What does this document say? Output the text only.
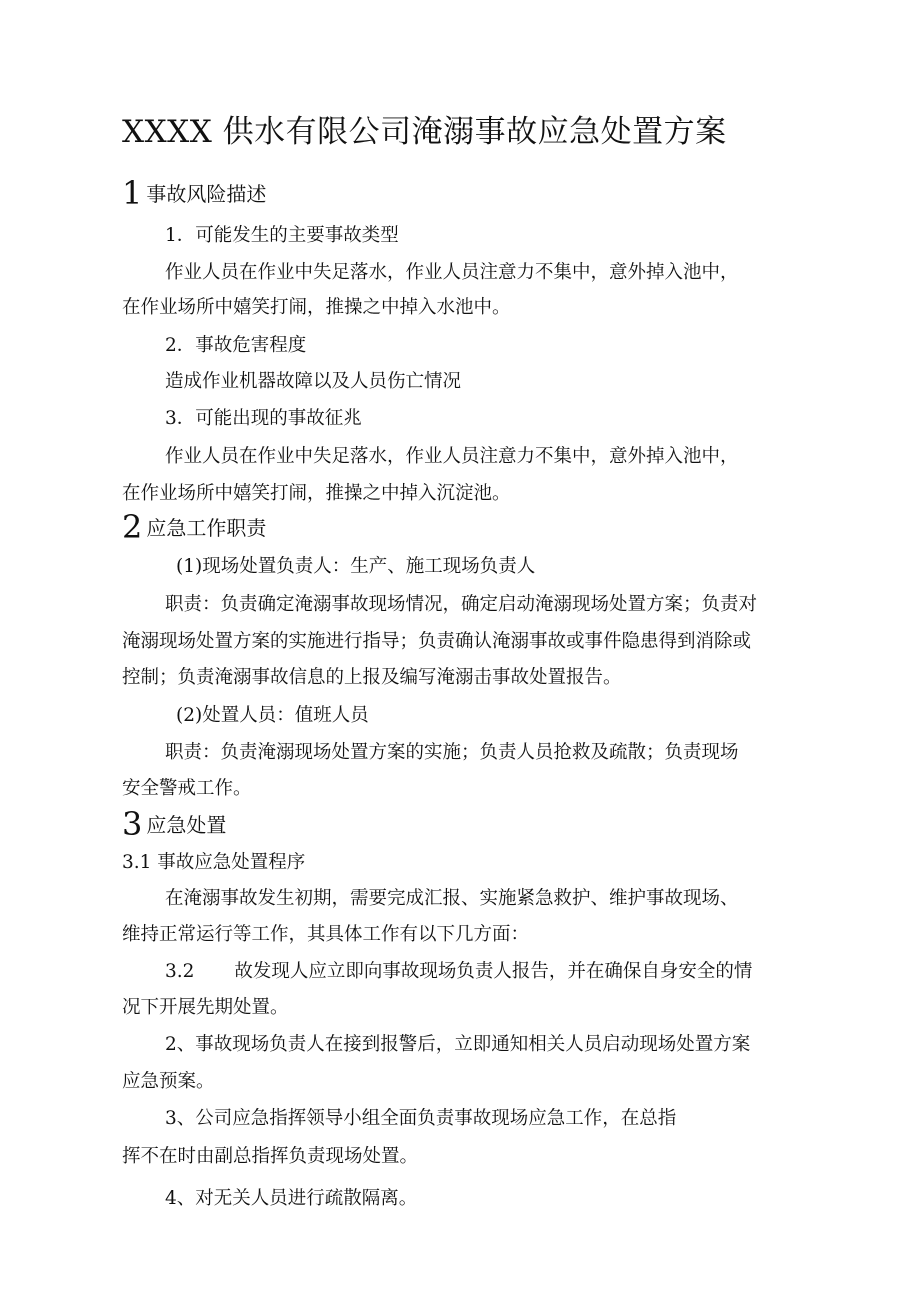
XXXX 供水有限公司淹溺事故应急处置方案
1 事故风险描述
1．可能发生的主要事故类型
作业人员在作业中失足落水，作业人员注意力不集中，意外掉入池中，
在作业场所中嬉笑打闹，推操之中掉入水池中。
2．事故危害程度
造成作业机器故障以及人员伤亡情况
3．可能出现的事故征兆
作业人员在作业中失足落水，作业人员注意力不集中，意外掉入池中，
在作业场所中嬉笑打闹，推操之中掉入沉淀池。
2 应急工作职责
(1)现场处置负责人：生产、施工现场负责人
职责：负责确定淹溺事故现场情况，确定启动淹溺现场处置方案；负责对
淹溺现场处置方案的实施进行指导；负责确认淹溺事故或事件隐患得到消除或
控制；负责淹溺事故信息的上报及编写淹溺击事故处置报告。
(2)处置人员：值班人员
职责：负责淹溺现场处置方案的实施；负责人员抢救及疏散；负责现场
安全警戒工作。
3 应急处置
3.1 事故应急处置程序
在淹溺事故发生初期，需要完成汇报、实施紧急救护、维护事故现场、
维持正常运行等工作，其具体工作有以下几方面：
3.2 故发现人应立即向事故现场负责人报告，并在确保自身安全的情
况下开展先期处置。
2、事故现场负责人在接到报警后，立即通知相关人员启动现场处置方案
应急预案。
3、公司应急指挥领导小组全面负责事故现场应急工作，在总指
挥不在时由副总指挥负责现场处置。
4、对无关人员进行疏散隔离。
